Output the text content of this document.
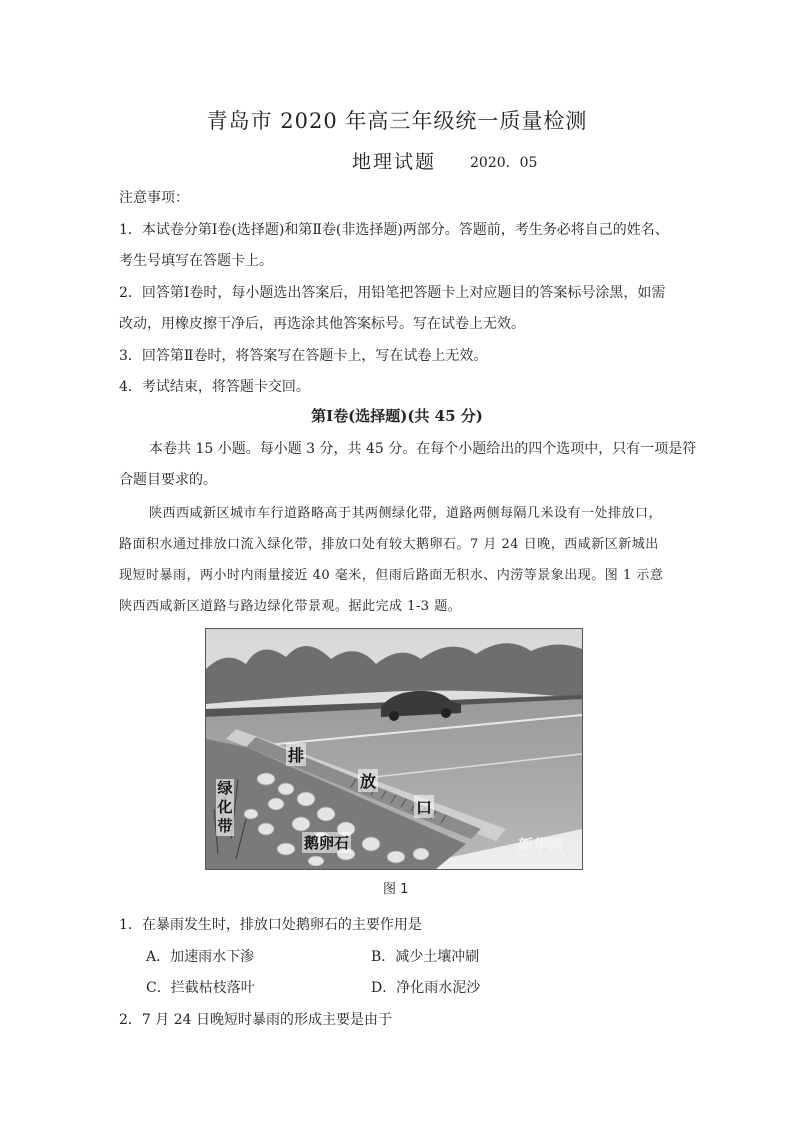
青岛市 2020 年高三年级统一质量检测
地理试题 2020．05
注意事项：
1．本试卷分第Ⅰ卷(选择题)和第Ⅱ卷(非选择题)两部分。答题前，考生务必将自己的姓名、
考生号填写在答题卡上。
2．回答第Ⅰ卷时，每小题选出答案后，用铅笔把答题卡上对应题目的答案标号涂黑，如需
改动，用橡皮擦干净后，再选涂其他答案标号。写在试卷上无效。
3．回答第Ⅱ卷时，将答案写在答题卡上，写在试卷上无效。
4．考试结束，将答题卡交回。
第Ⅰ卷(选择题)(共 45 分)
本卷共 15 小题。每小题 3 分，共 45 分。在每个小题给出的四个选项中，只有一项是符
合题目要求的。
陕西西咸新区城市车行道路略高于其两侧绿化带，道路两侧每隔几米设有一处排放口，
路面积水通过排放口流入绿化带，排放口处有较大鹅卵石。7 月 24 日晚，西咸新区新城出
现短时暴雨，两小时内雨量接近 40 毫米，但雨后路面无积水、内涝等景象出现。图 1 示意
陕西西咸新区道路与路边绿化带景观。据此完成 1-3 题。
排
放
口
绿化带
鹅卵石	新华网
WWW.NEWS.CN
图 1
1．在暴雨发生时，排放口处鹅卵石的主要作用是
A．加速雨水下渗	B．减少土壤冲刷
C．拦截枯枝落叶	D．净化雨水泥沙
2．7 月 24 日晚短时暴雨的形成主要是由于
